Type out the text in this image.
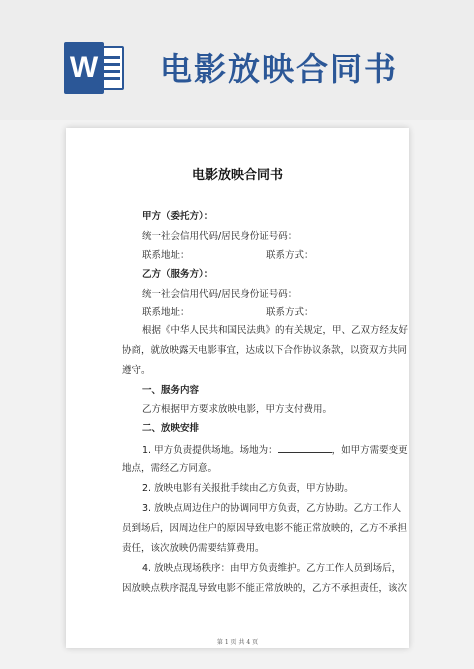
W 电影放映合同书
电影放映合同书
甲方（委托方）：
统一社会信用代码/居民身份证号码：
联系地址：	联系方式：
乙方（服务方）：
统一社会信用代码/居民身份证号码：
联系地址：	联系方式：
根据《中华人民共和国民法典》的有关规定，甲、乙双方经友好
协商，就放映露天电影事宜，达成以下合作协议条款，以资双方共同
遵守。
一、服务内容
乙方根据甲方要求放映电影，甲方支付费用。
二、放映安排
1. 甲方负责提供场地。场地为：	，如甲方需要变更
地点，需经乙方同意。
2. 放映电影有关报批手续由乙方负责，甲方协助。
3. 放映点周边住户的协调同甲方负责，乙方协助。乙方工作人
员到场后，因周边住户的原因导致电影不能正常放映的，乙方不承担
责任，该次放映仍需要结算费用。
4. 放映点现场秩序：由甲方负责维护。乙方工作人员到场后，
因放映点秩序混乱导致电影不能正常放映的，乙方不承担责任，该次
第 1 页 共 4 页
